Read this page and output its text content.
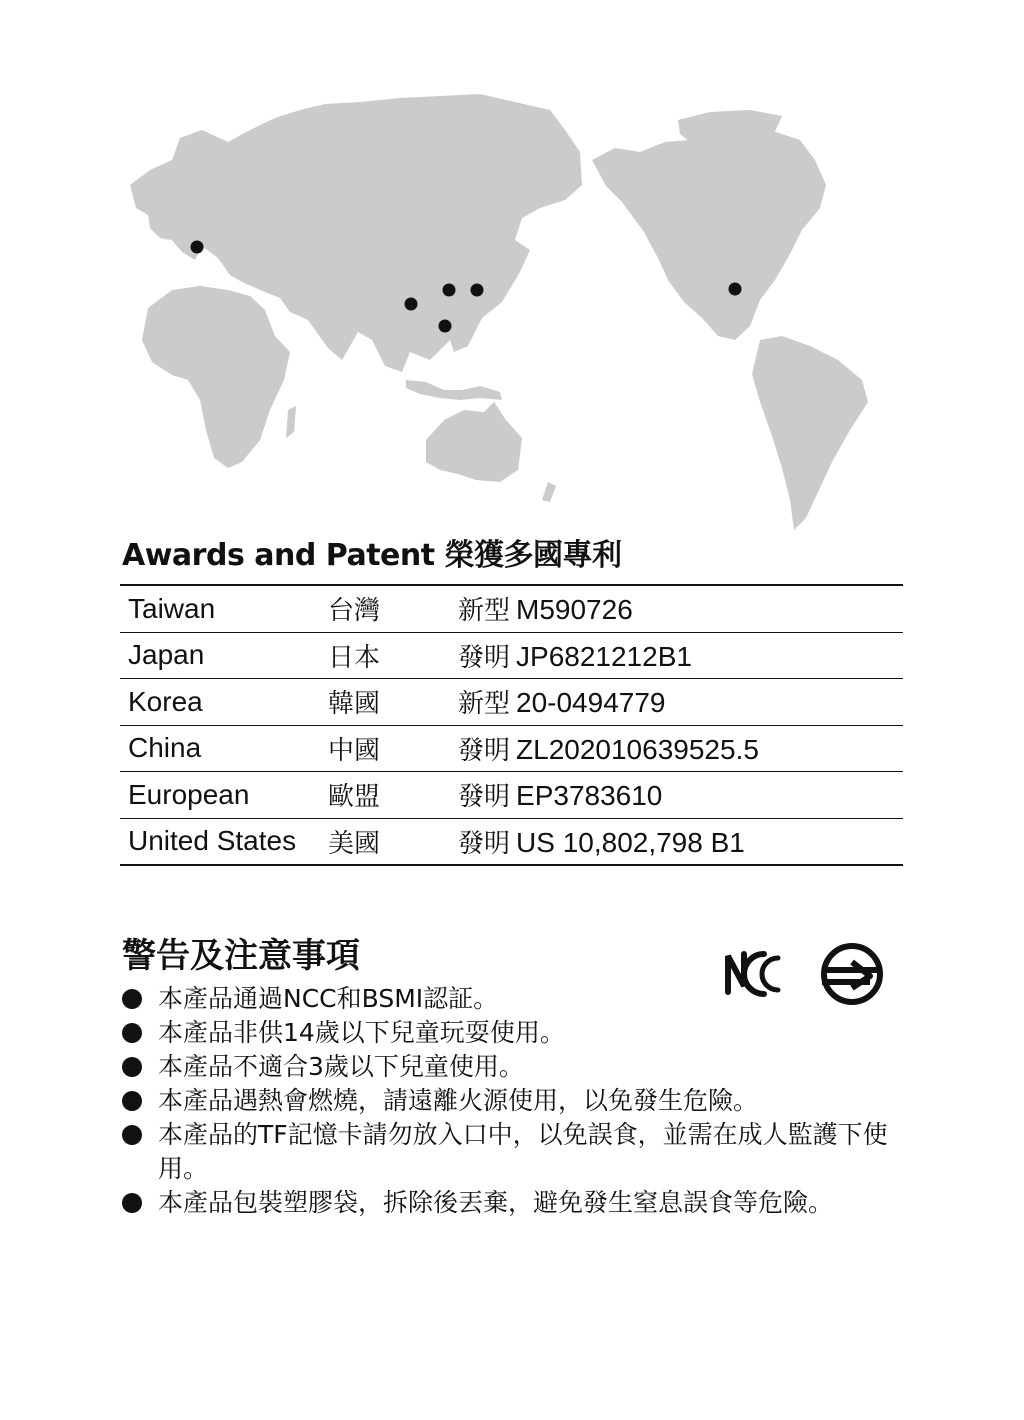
Awards and Patent 榮獲多國專利
Taiwan	台灣	新型 M590726
Japan	日本	發明 JP6821212B1
Korea	韓國	新型 20-0494779
China	中國	發明 ZL202010639525.5
European	歐盟	發明 EP3783610
United States	美國	發明 US 10,802,798 B1
警告及注意事項
本產品通過NCC和BSMI認証。
本產品非供14歲以下兒童玩耍使用。
本產品不適合3歲以下兒童使用。
本產品遇熱會燃燒，請遠離火源使用，以免發生危險。
本產品的TF記憶卡請勿放入口中，以免誤食，並需在成人監護下使用。
本產品包裝塑膠袋，拆除後丟棄，避免發生窒息誤食等危險。
